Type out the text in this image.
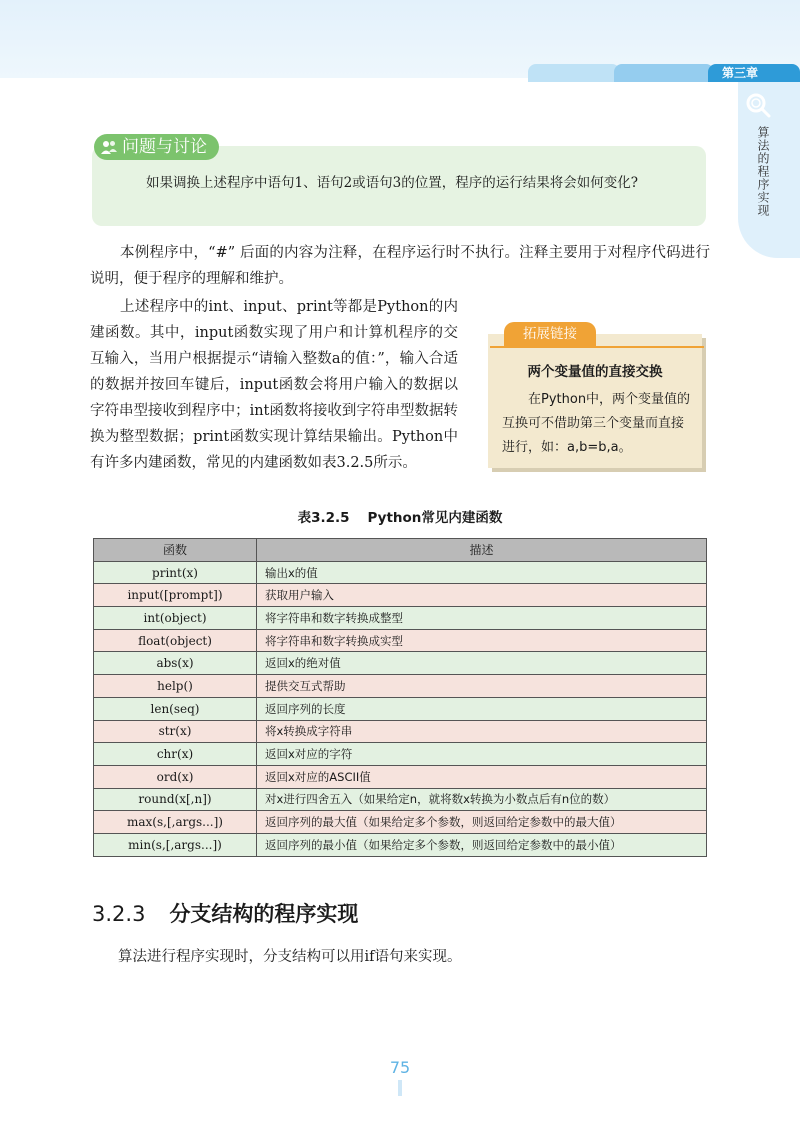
第三章
算法的程序实现
问题与讨论
如果调换上述程序中语句1、语句2或语句3的位置，程序的运行结果将会如何变化?
本例程序中，“#” 后面的内容为注释，在程序运行时不执行。注释主要用于对程序代码进行说明，便于程序的理解和维护。
上述程序中的int、input、print等都是Python的内建函数。其中，input函数实现了用户和计算机程序的交互输入，当用户根据提示“请输入整数a的值：”，输入合适的数据并按回车键后，input函数会将用户输入的数据以字符串型接收到程序中；int函数将接收到字符串型数据转换为整型数据；print函数实现计算结果输出。Python中有许多内建函数，常见的内建函数如表3.2.5所示。
拓展链接
两个变量值的直接交换
在Python中，两个变量值的互换可不借助第三个变量而直接进行，如：a,b=b,a。
表3.2.5 Python常见内建函数
函数	描述
print(x)	输出x的值
input([prompt])	获取用户输入
int(object)	将字符串和数字转换成整型
float(object)	将字符串和数字转换成实型
abs(x)	返回x的绝对值
help()	提供交互式帮助
len(seq)	返回序列的长度
str(x)	将x转换成字符串
chr(x)	返回x对应的字符
ord(x)	返回x对应的ASCII值
round(x[,n])	对x进行四舍五入（如果给定n，就将数x转换为小数点后有n位的数）
max(s,[,args...])	返回序列的最大值（如果给定多个参数，则返回给定参数中的最大值）
min(s,[,args...])	返回序列的最小值（如果给定多个参数，则返回给定参数中的最小值）
3.2.3 分支结构的程序实现
算法进行程序实现时，分支结构可以用if语句来实现。
75
